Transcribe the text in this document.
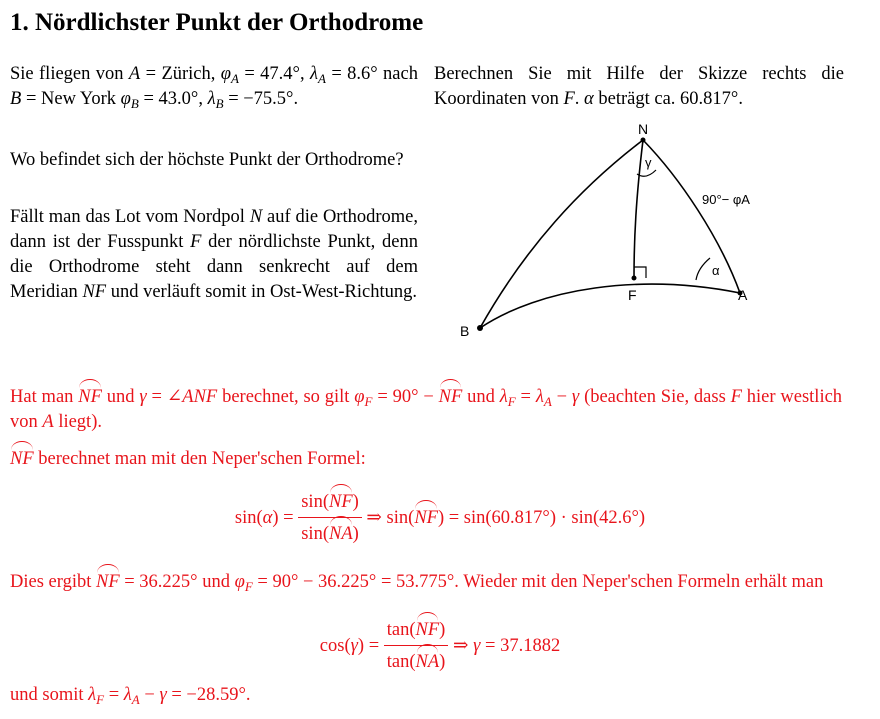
1. Nördlichster Punkt der Orthodrome
Sie fliegen von A = Zürich, $\varphi_A = 47.4^\circ$, $\lambda_A = 8.6^\circ$ nach B = New York $\varphi_B = 43.0^\circ$, $\lambda_B = -75.5^\circ$.
Wo befindet sich der höchste Punkt der Orthodrome?
Fällt man das Lot vom Nordpol N auf die Orthodrome, dann ist der Fusspunkt F der nördlichste Punkt, denn die Orthodrome steht dann senkrecht auf dem Meridian NF und verläuft somit in Ost-West-Richtung.
Berechnen Sie mit Hilfe der Skizze rechts die Koordinaten von F. α beträgt ca. 60.817°.
N
γ
90°− φA
α
F	A
B
Hat man NF und γ = ∠ANF berechnet, so gilt $\varphi_F = 90^\circ$ − NF und $\lambda_F = \lambda_A - \gamma$ (beachten Sie, dass F hier westlich von A liegt).
NF berechnet man mit den Neper'schen Formel:
$\sin(\alpha) = \frac{\sin(NF)}{\sin(NA)}$ ⇒ sin(NF) = sin(60.817°) · sin(42.6°)
Dies ergibt NF = 36.225° und $\varphi_F = 90^\circ - 36.225^\circ = 53.775^\circ$. Wieder mit den Neper'schen Formeln erhält man
$\cos(\gamma) = \frac{\tan(NF)}{\tan(NA)}$ ⇒ γ = 37.1882
und somit $\lambda_F = \lambda_A - \gamma = -28.59^\circ$.
